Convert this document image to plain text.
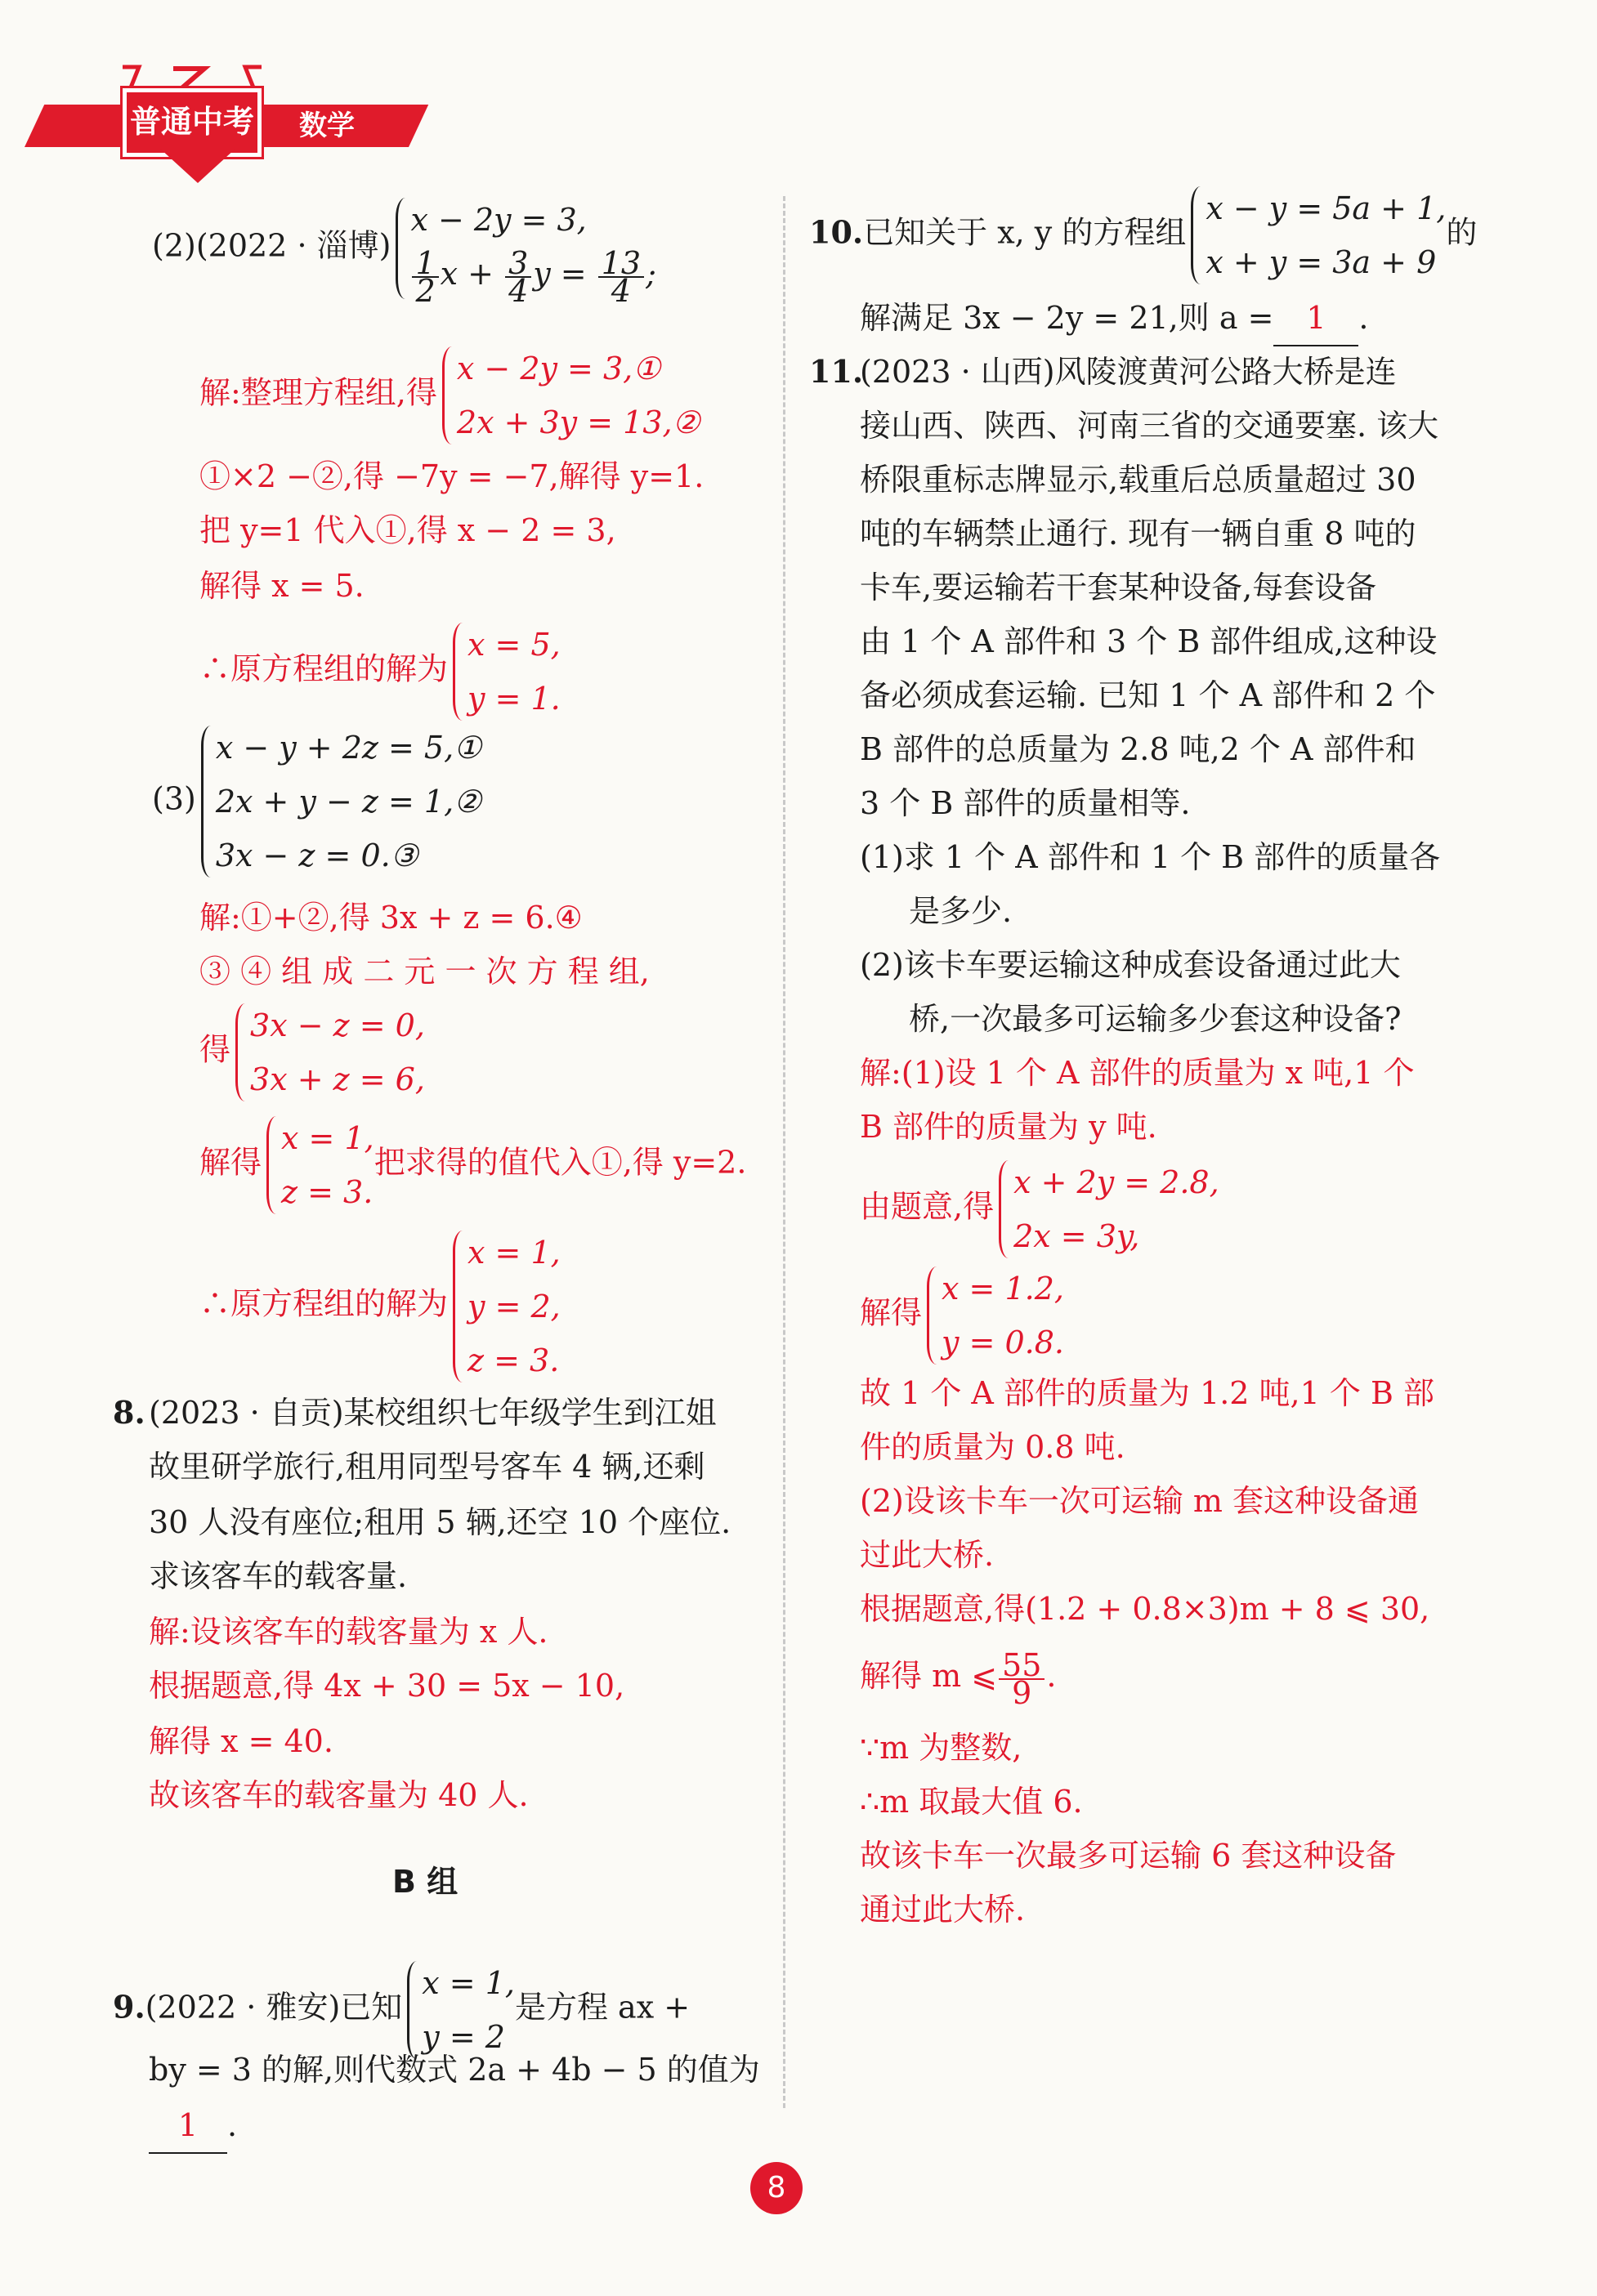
普通中考	数学
(2)(2022 · 淄博)
x − 2y = 3,
$\frac{1}{2}$ $x + \frac{3}{4}$ $y = \frac{13}{4}$ ;
解:整理方程组,得
x − 2y = 3,①
2x + 3y = 13,②
①×2 −②,得 −7y = −7,解得 y=1.
把 y=1 代入①,得 x − 2 = 3,
解得 x = 5.
∴原方程组的解为
x = 5,
y = 1.
(3)
x − y + 2z = 5,①
2x + y − z = 1,②
3x − z = 0.③
解:①+②,得 3x + z = 6.④
③ ④ 组 成 二 元 一 次 方 程 组,
得
3x − z = 0,
3x + z = 6,
解得
x = 1,
z = 3.
把求得的值代入①,得 y=2.
∴原方程组的解为
x = 1,
y = 2,
z = 3.
8. (2023 · 自贡)某校组织七年级学生到江姐
故里研学旅行,租用同型号客车 4 辆,还剩
30 人没有座位;租用 5 辆,还空 10 个座位.
求该客车的载客量.
解:设该客车的载客量为 x 人.
根据题意,得 4x + 30 = 5x − 10,
解得 x = 40.
故该客车的载客量为 40 人.
B 组
9.(2022 · 雅安)已知
x = 1,
y = 2
是方程 ax +
by = 3 的解,则代数式 2a + 4b − 5 的值为
1 .
10.已知关于 x, y 的方程组
x − y = 5a + 1,
x + y = 3a + 9
的
解满足 3x − 2y = 21,则 a = 1 .
11.
(2023 · 山西)风陵渡黄河公路大桥是连
接山西、陕西、河南三省的交通要塞. 该大
桥限重标志牌显示,载重后总质量超过 30
吨的车辆禁止通行. 现有一辆自重 8 吨的
卡车,要运输若干套某种设备,每套设备
由 1 个 A 部件和 3 个 B 部件组成,这种设
备必须成套运输. 已知 1 个 A 部件和 2 个
B 部件的总质量为 2.8 吨,2 个 A 部件和
3 个 B 部件的质量相等.
(1)求 1 个 A 部件和 1 个 B 部件的质量各
是多少.
(2)该卡车要运输这种成套设备通过此大
桥,一次最多可运输多少套这种设备?
解:(1)设 1 个 A 部件的质量为 x 吨,1 个
B 部件的质量为 y 吨.
由题意,得
x + 2y = 2.8,
2x = 3y,
解得
x = 1.2,
y = 0.8.
故 1 个 A 部件的质量为 1.2 吨,1 个 B 部
件的质量为 0.8 吨.
(2)设该卡车一次可运输 m 套这种设备通
过此大桥.
根据题意,得(1.2 + 0.8×3)m + 8 ⩽ 30,
解得 m ⩽ $\frac{55}{9}$ .
∵m 为整数,
∴m 取最大值 6.
故该卡车一次最多可运输 6 套这种设备
通过此大桥.
8
